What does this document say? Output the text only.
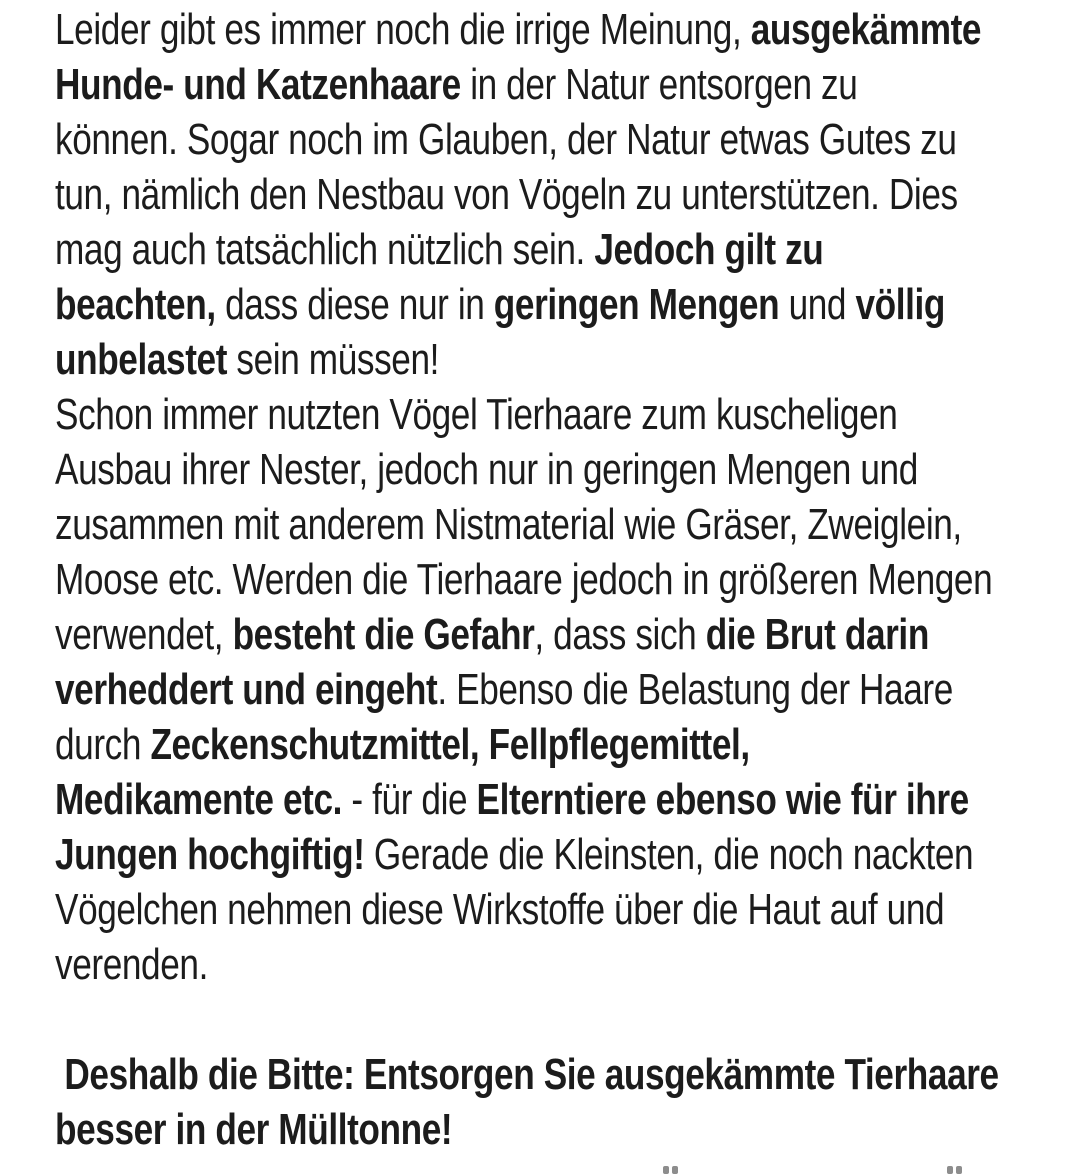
Leider gibt es immer noch die irrige Meinung, ausgekämmte
Hunde- und Katzenhaare in der Natur entsorgen zu
können. Sogar noch im Glauben, der Natur etwas Gutes zu
tun, nämlich den Nestbau von Vögeln zu unterstützen. Dies
mag auch tatsächlich nützlich sein. Jedoch gilt zu
beachten, dass diese nur in geringen Mengen und völlig
unbelastet sein müssen!
Schon immer nutzten Vögel Tierhaare zum kuscheligen
Ausbau ihrer Nester, jedoch nur in geringen Mengen und
zusammen mit anderem Nistmaterial wie Gräser, Zweiglein,
Moose etc. Werden die Tierhaare jedoch in größeren Mengen
verwendet, besteht die Gefahr, dass sich die Brut darin
verheddert und eingeht. Ebenso die Belastung der Haare
durch Zeckenschutzmittel, Fellpflegemittel,
Medikamente etc. - für die Elterntiere ebenso wie für ihre
Jungen hochgiftig! Gerade die Kleinsten, die noch nackten
Vögelchen nehmen diese Wirkstoffe über die Haut auf und
verenden.
Deshalb die Bitte: Entsorgen Sie ausgekämmte Tierhaare
besser in der Mülltonne!
